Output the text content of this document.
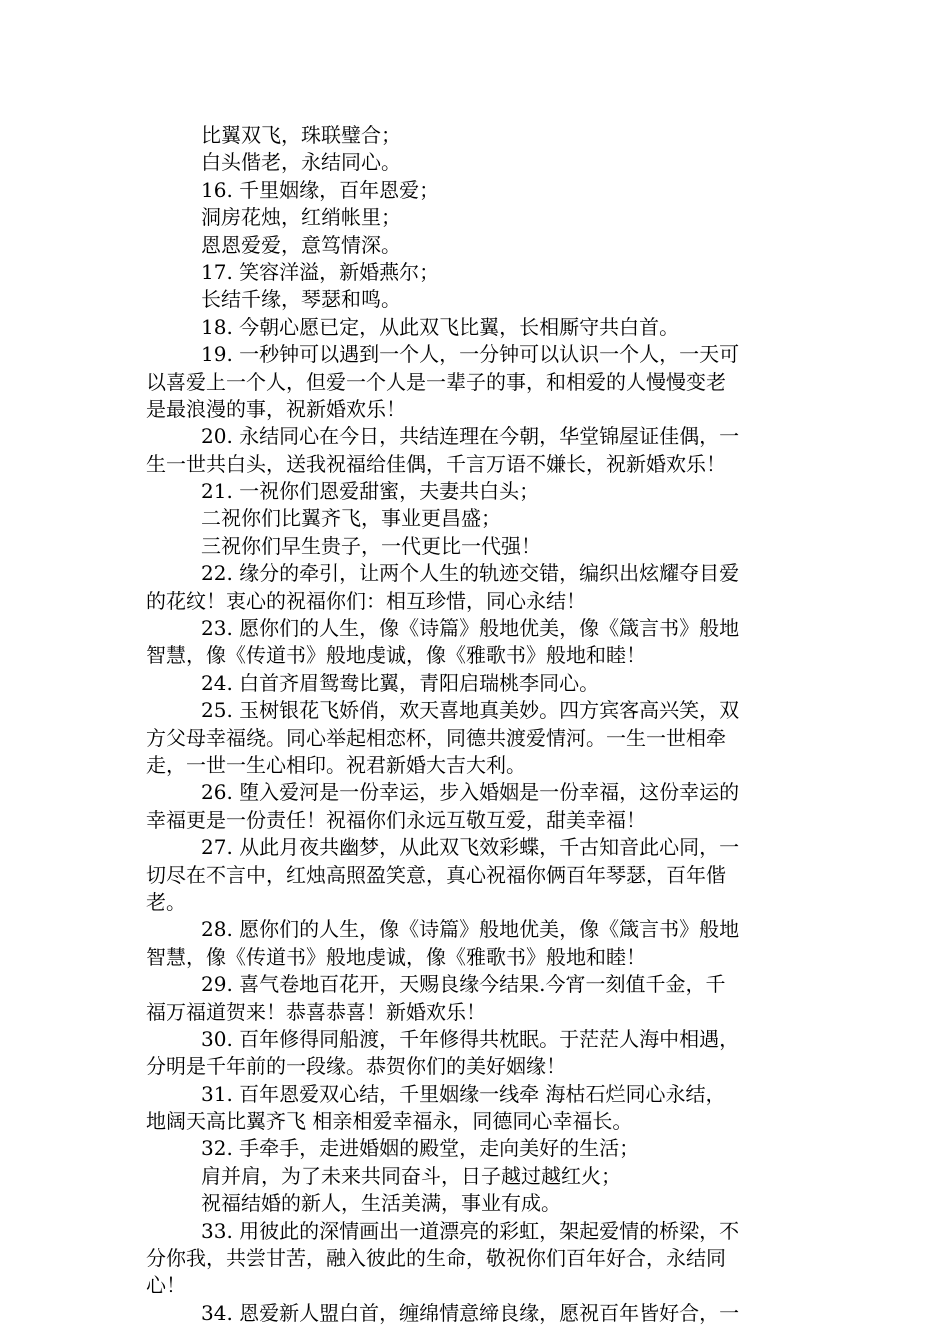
比翼双飞，珠联璧合；
白头偕老，永结同心。
16. 千里姻缘，百年恩爱；
洞房花烛，红绡帐里；
恩恩爱爱，意笃情深。
17. 笑容洋溢，新婚燕尔；
长结千缘，琴瑟和鸣。
18. 今朝心愿已定，从此双飞比翼，长相厮守共白首。
19. 一秒钟可以遇到一个人，一分钟可以认识一个人，一天可
以喜爱上一个人，但爱一个人是一辈子的事，和相爱的人慢慢变老
是最浪漫的事，祝新婚欢乐！
20. 永结同心在今日，共结连理在今朝，华堂锦屋证佳偶，一
生一世共白头，送我祝福给佳偶，千言万语不嫌长，祝新婚欢乐！
21. 一祝你们恩爱甜蜜，夫妻共白头；
二祝你们比翼齐飞，事业更昌盛；
三祝你们早生贵子，一代更比一代强！
22. 缘分的牵引，让两个人生的轨迹交错，编织出炫耀夺目爱
的花纹！衷心的祝福你们：相互珍惜，同心永结！
23. 愿你们的人生，像《诗篇》般地优美，像《箴言书》般地
智慧，像《传道书》般地虔诚，像《雅歌书》般地和睦！
24. 白首齐眉鸳鸯比翼，青阳启瑞桃李同心。
25. 玉树银花飞娇俏，欢天喜地真美妙。四方宾客高兴笑，双
方父母幸福绕。同心举起相恋杯，同德共渡爱情河。一生一世相牵
走，一世一生心相印。祝君新婚大吉大利。
26. 堕入爱河是一份幸运，步入婚姻是一份幸福，这份幸运的
幸福更是一份责任！祝福你们永远互敬互爱，甜美幸福！
27. 从此月夜共幽梦，从此双飞效彩蝶，千古知音此心同，一
切尽在不言中，红烛高照盈笑意，真心祝福你俩百年琴瑟，百年偕
老。
28. 愿你们的人生，像《诗篇》般地优美，像《箴言书》般地
智慧，像《传道书》般地虔诚，像《雅歌书》般地和睦！
29. 喜气卷地百花开，天赐良缘今结果.今宵一刻值千金，千
福万福道贺来！恭喜恭喜！新婚欢乐！
30. 百年修得同船渡，千年修得共枕眠。于茫茫人海中相遇，
分明是千年前的一段缘。恭贺你们的美好姻缘！
31. 百年恩爱双心结，千里姻缘一线牵 海枯石烂同心永结，
地阔天高比翼齐飞 相亲相爱幸福永，同德同心幸福长。
32. 手牵手，走进婚姻的殿堂，走向美好的生活；
肩并肩，为了未来共同奋斗，日子越过越红火；
祝福结婚的新人，生活美满，事业有成。
33. 用彼此的深情画出一道漂亮的彩虹，架起爱情的桥梁，不
分你我，共尝甘苦，融入彼此的生命，敬祝你们百年好合，永结同
心！
34. 恩爱新人盟白首，缠绵情意缔良缘，愿祝百年皆好合，一
